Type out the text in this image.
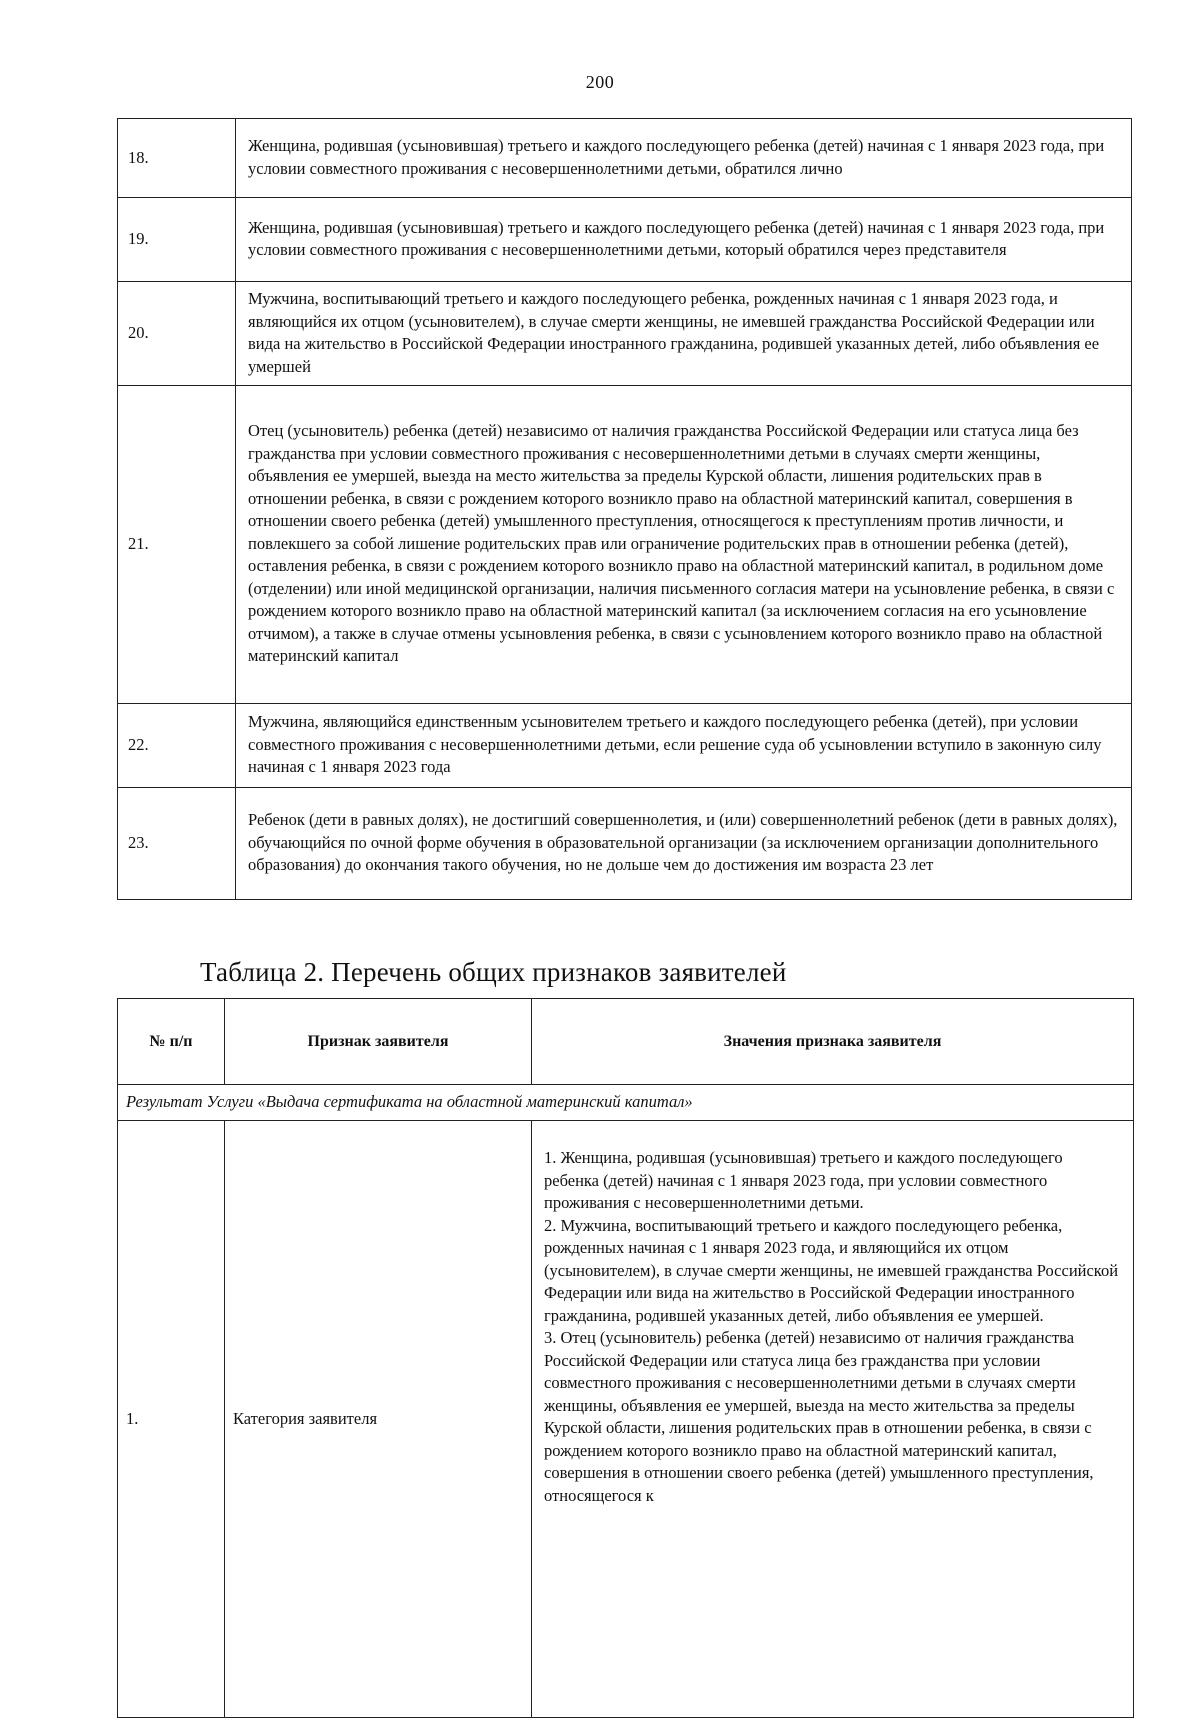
200
18.	Женщина, родившая (усыновившая) третьего и каждого последующего ребенка (детей) начиная с 1 января 2023 года, при условии совместного проживания с несовершеннолетними детьми, обратился лично
19.	Женщина, родившая (усыновившая) третьего и каждого последующего ребенка (детей) начиная с 1 января 2023 года, при условии совместного проживания с несовершеннолетними детьми, который обратился через представителя
20.	Мужчина, воспитывающий третьего и каждого последующего ребенка, рожденных начиная с 1 января 2023 года, и являющийся их отцом (усыновителем), в случае смерти женщины, не имевшей гражданства Российской Федерации или вида на жительство в Российской Федерации иностранного гражданина, родившей указанных детей, либо объявления ее умершей
21.	Отец (усыновитель) ребенка (детей) независимо от наличия гражданства Российской Федерации или статуса лица без гражданства при условии совместного проживания с несовершеннолетними детьми в случаях смерти женщины, объявления ее умершей, выезда на место жительства за пределы Курской области, лишения родительских прав в отношении ребенка, в связи с рождением которого возникло право на областной материнский капитал, совершения в отношении своего ребенка (детей) умышленного преступления, относящегося к преступлениям против личности, и повлекшего за собой лишение родительских прав или ограничение родительских прав в отношении ребенка (детей), оставления ребенка, в связи с рождением которого возникло право на областной материнский капитал, в родильном доме (отделении) или иной медицинской организации, наличия письменного согласия матери на усыновление ребенка, в связи с рождением которого возникло право на областной материнский капитал (за исключением согласия на его усыновление отчимом), а также в случае отмены усыновления ребенка, в связи с усыновлением которого возникло право на областной материнский капитал
22.	Мужчина, являющийся единственным усыновителем третьего и каждого последующего ребенка (детей), при условии совместного проживания с несовершеннолетними детьми, если решение суда об усыновлении вступило в законную силу начиная с 1 января 2023 года
23.	Ребенок (дети в равных долях), не достигший совершеннолетия, и (или) совершеннолетний ребенок (дети в равных долях), обучающийся по очной форме обучения в образовательной организации (за исключением организации дополнительного образования) до окончания такого обучения, но не дольше чем до достижения им возраста 23 лет
Таблица 2. Перечень общих признаков заявителей
№ п/п	Признак заявителя	Значения признака заявителя
Результат Услуги «Выдача сертификата на областной материнский капитал»		
1.	Категория заявителя	1. Женщина, родившая (усыновившая) третьего и каждого последующего ребенка (детей) начиная с 1 января 2023 года, при условии совместного проживания с несовершеннолетними детьми.

2. Мужчина, воспитывающий третьего и каждого последующего ребенка, рожденных начиная с 1 января 2023 года, и являющийся их отцом (усыновителем), в случае смерти женщины, не имевшей гражданства Российской Федерации или вида на жительство в Российской Федерации иностранного гражданина, родившей указанных детей, либо объявления ее умершей.

3. Отец (усыновитель) ребенка (детей) независимо от наличия гражданства Российской Федерации или статуса лица без гражданства при условии совместного проживания с несовершеннолетними детьми в случаях смерти женщины, объявления ее умершей, выезда на место жительства за пределы Курской области, лишения родительских прав в отношении ребенка, в связи с рождением которого возникло право на областной материнский капитал, совершения в отношении своего ребенка (детей) умышленного преступления, относящегося к
